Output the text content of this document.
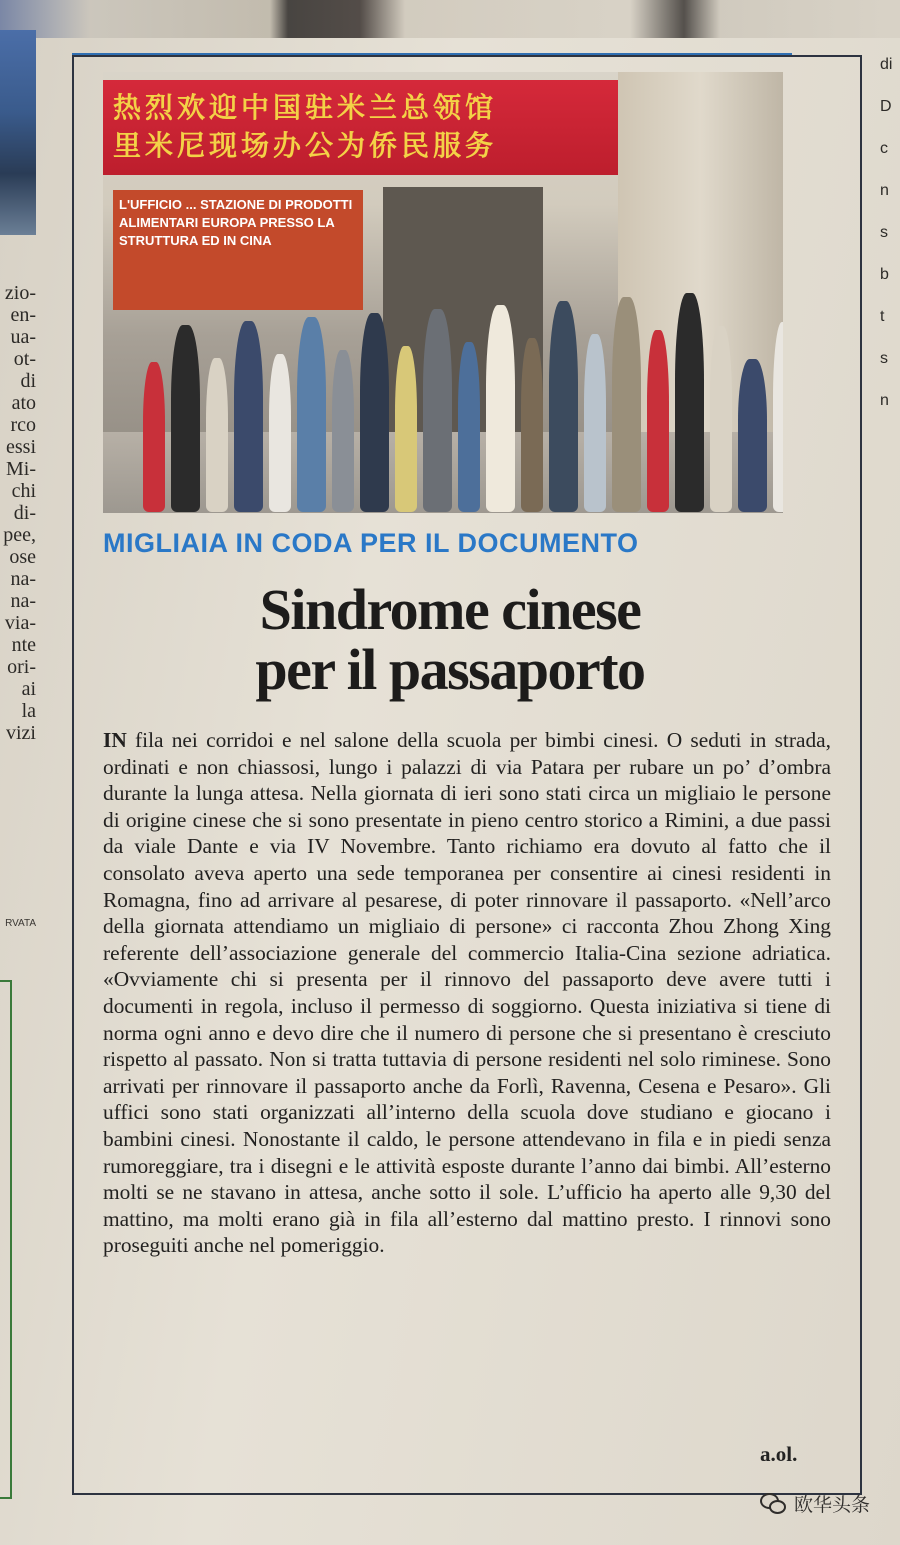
zio-
en-
ua-
ot-
di
ato
rco
essi
Mi-
chi
di-
pee,
ose
na-
na-
via-
nte
ori-
ai
la
vizi
RVATA
di
D
c
n
s
b
t
s
n
热烈欢迎中国驻米兰总领馆
里米尼现场办公为侨民服务
L'UFFICIO ... STAZIONE DI PRODOTTI ALIMENTARI EUROPA PRESSO LA STRUTTURA ED IN CINA
MIGLIAIA IN CODA PER IL DOCUMENTO
Sindrome cinese
per il passaporto
IN fila nei corridoi e nel salone della scuola per bimbi cinesi. O seduti in strada, ordinati e non chiassosi, lungo i palazzi di via Patara per rubare un po’ d’ombra durante la lunga attesa. Nella giornata di ieri sono stati circa un migliaio le persone di origine cinese che si sono presentate in pieno centro storico a Rimini, a due passi da viale Dante e via IV Novembre. Tanto richiamo era dovuto al fatto che il consolato aveva aperto una sede temporanea per consentire ai cinesi residenti in Romagna, fino ad arrivare al pesarese, di poter rinnovare il passaporto. «Nell’arco della giornata attendiamo un migliaio di persone» ci racconta Zhou Zhong Xing referente dell’associazione generale del commercio Italia-Cina sezione adriatica. «Ovviamente chi si presenta per il rinnovo del passaporto deve avere tutti i documenti in regola, incluso il permesso di soggiorno. Questa iniziativa si tiene di norma ogni anno e devo dire che il numero di persone che si presentano è cresciuto rispetto al passato. Non si tratta tuttavia di persone residenti nel solo riminese. Sono arrivati per rinnovare il passaporto anche da Forlì, Ravenna, Cesena e Pesaro». Gli uffici sono stati organizzati all’interno della scuola dove studiano e giocano i bambini cinesi. Nonostante il caldo, le persone attendevano in fila e in piedi senza rumoreggiare, tra i disegni e le attività esposte durante l’anno dai bimbi. All’esterno molti se ne stavano in attesa, anche sotto il sole. L’ufficio ha aperto alle 9,30 del mattino, ma molti erano già in fila all’esterno dal mattino presto. I rinnovi sono proseguiti anche nel pomeriggio.
a.ol.
欧华头条
